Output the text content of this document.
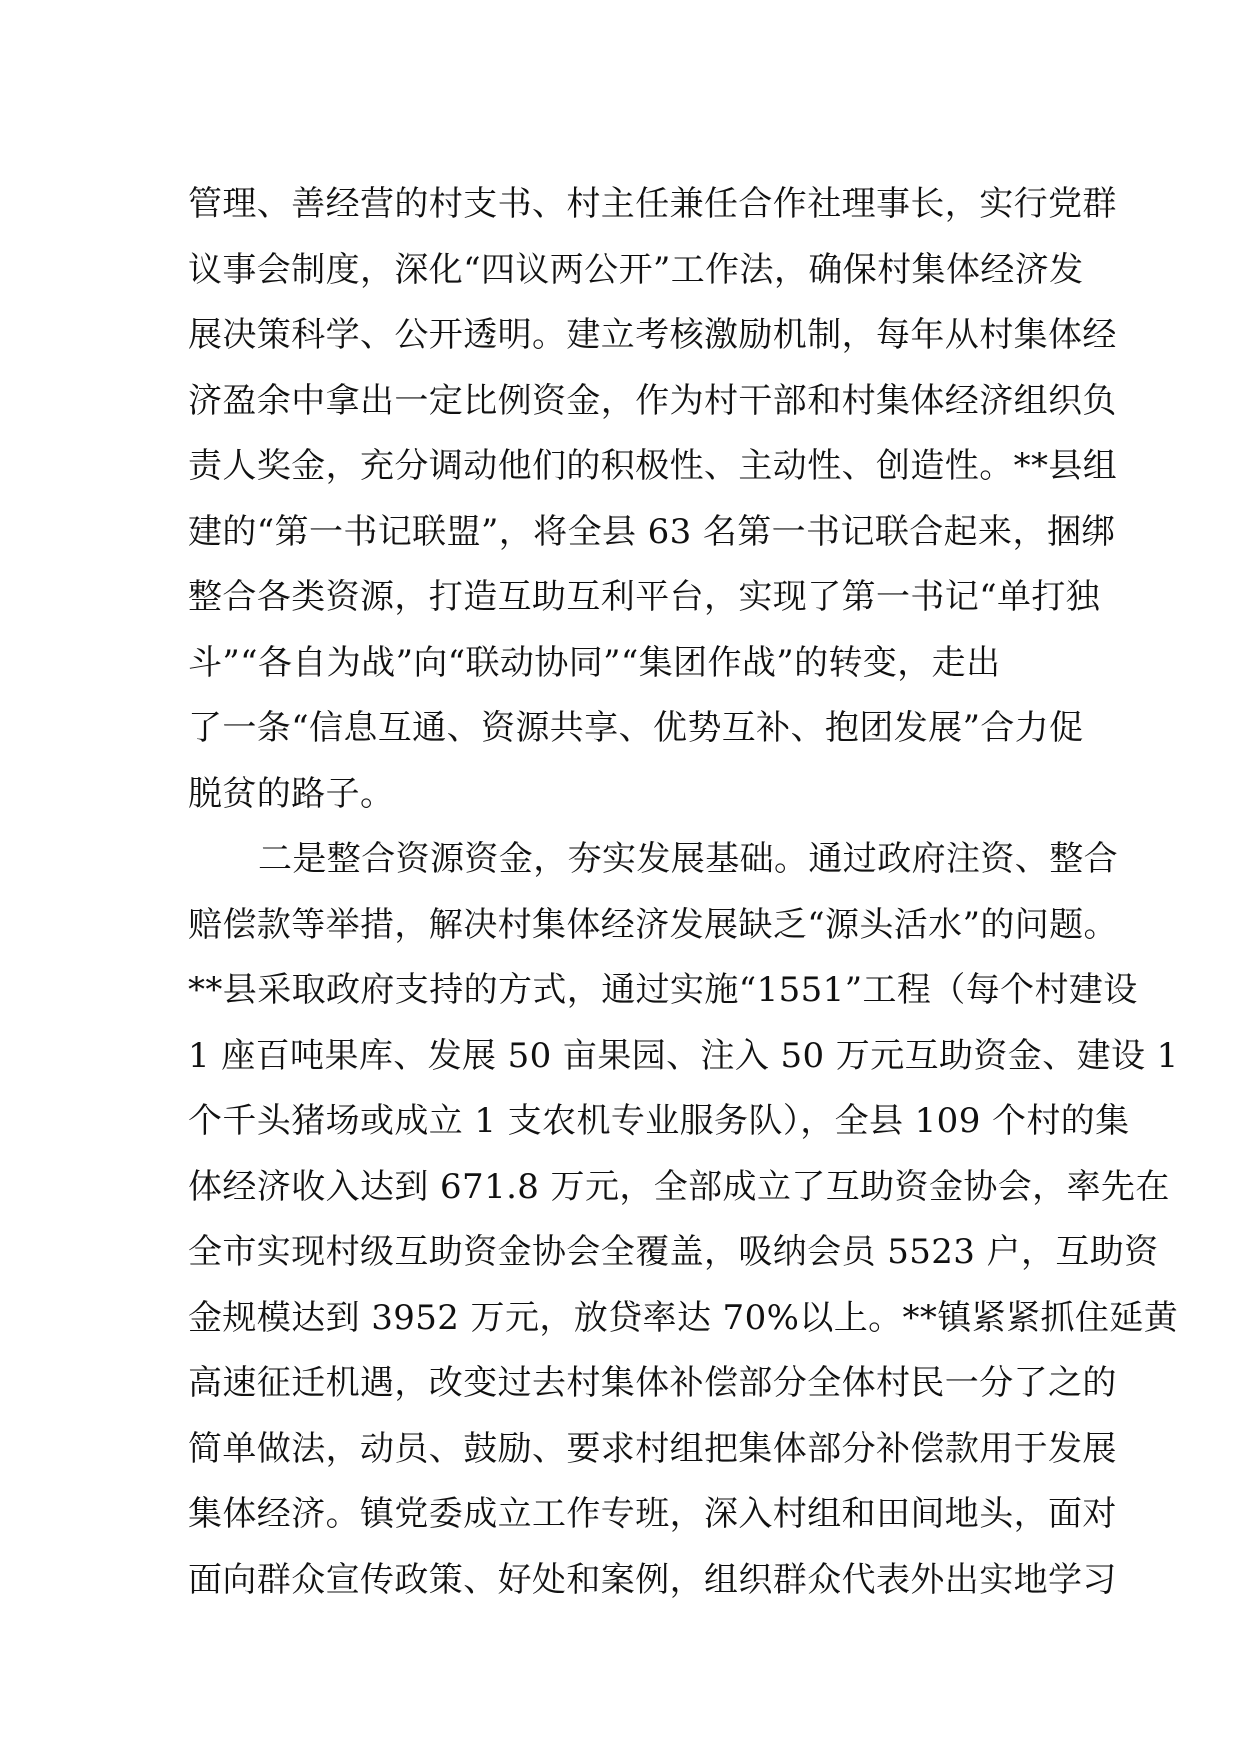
管理、善经营的村支书、村主任兼任合作社理事长，实行党群
议事会制度，深化“四议两公开”工作法，确保村集体经济发
展决策科学、公开透明。建立考核激励机制，每年从村集体经
济盈余中拿出一定比例资金，作为村干部和村集体经济组织负
责人奖金，充分调动他们的积极性、主动性、创造性。**县组
建的“第一书记联盟”，将全县 63 名第一书记联合起来，捆绑
整合各类资源，打造互助互利平台，实现了第一书记“单打独
斗”“各自为战”向“联动协同”“集团作战”的转变，走出
了一条“信息互通、资源共享、优势互补、抱团发展”合力促
脱贫的路子。
二是整合资源资金，夯实发展基础。通过政府注资、整合
赔偿款等举措，解决村集体经济发展缺乏“源头活水”的问题。
**县采取政府支持的方式，通过实施“1551”工程（每个村建设
1 座百吨果库、发展 50 亩果园、注入 50 万元互助资金、建设 1
个千头猪场或成立 1 支农机专业服务队），全县 109 个村的集
体经济收入达到 671.8 万元，全部成立了互助资金协会，率先在
全市实现村级互助资金协会全覆盖，吸纳会员 5523 户，互助资
金规模达到 3952 万元，放贷率达 70%以上。**镇紧紧抓住延黄
高速征迁机遇，改变过去村集体补偿部分全体村民一分了之的
简单做法，动员、鼓励、要求村组把集体部分补偿款用于发展
集体经济。镇党委成立工作专班，深入村组和田间地头，面对
面向群众宣传政策、好处和案例，组织群众代表外出实地学习
